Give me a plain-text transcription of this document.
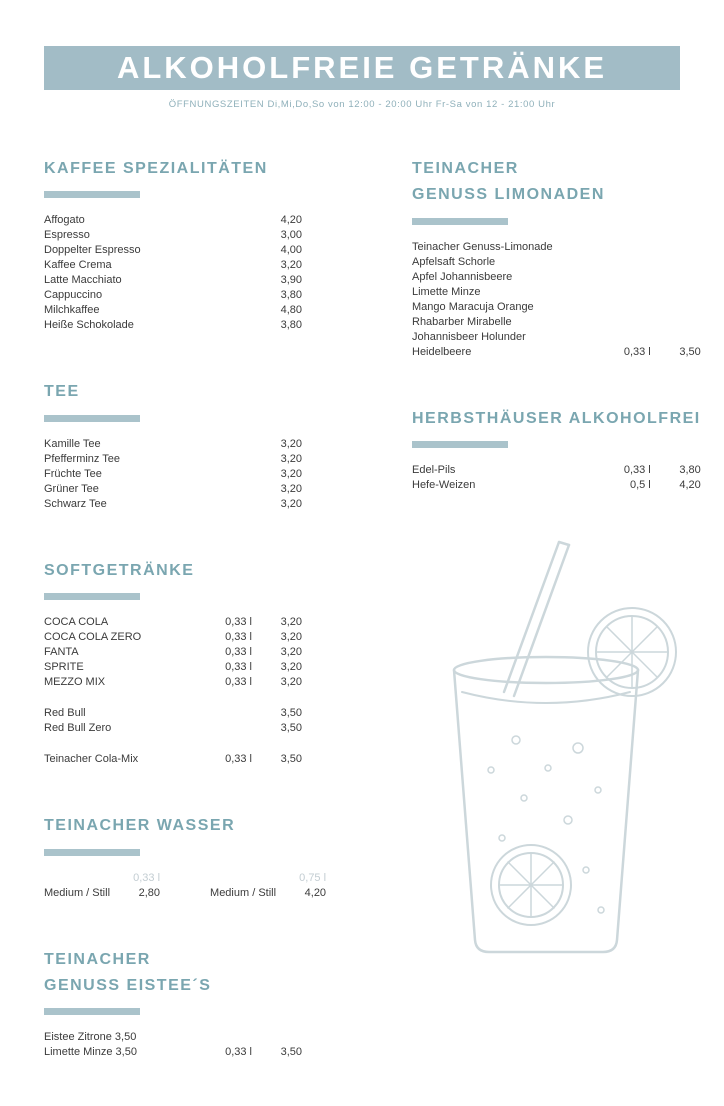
ALKOHOLFREIE GETRÄNKE
ÖFFNUNGSZEITEN Di,Mi,Do,So von 12:00 - 20:00 Uhr Fr-Sa von 12 - 21:00 Uhr
KAFFEE SPEZIALITÄTEN
Affogato	4,20
Espresso	3,00
Doppelter Espresso	4,00
Kaffee Crema	3,20
Latte Macchiato	3,90
Cappuccino	3,80
Milchkaffee	4,80
Heiße Schokolade	3,80
TEE
Kamille Tee	3,20
Pfefferminz Tee	3,20
Früchte Tee	3,20
Grüner Tee	3,20
Schwarz Tee	3,20
SOFTGETRÄNKE
COCA COLA	0,33 l	3,20
COCA COLA ZERO	0,33 l	3,20
FANTA	0,33 l	3,20
SPRITE	0,33 l	3,20
MEZZO MIX	0,33 l	3,20
Red Bull	3,50
Red Bull Zero	3,50
Teinacher Cola-Mix	0,33 l	3,50
TEINACHER WASSER
0,33 l
Medium / Still	2,80
0,75 l
Medium / Still	4,20
TEINACHER
GENUSS EISTEE´S
Eistee Zitrone 3,50
Limette Minze 3,50	0,33 l	3,50
TEINACHER
GENUSS LIMONADEN
Teinacher Genuss-Limonade
Apfelsaft Schorle
Apfel Johannisbeere
Limette Minze
Mango Maracuja Orange
Rhabarber Mirabelle
Johannisbeer Holunder
Heidelbeere	0,33 l	3,50
HERBSTHÄUSER ALKOHOLFREI
Edel-Pils	0,33 l	3,80
Hefe-Weizen	0,5 l	4,20
